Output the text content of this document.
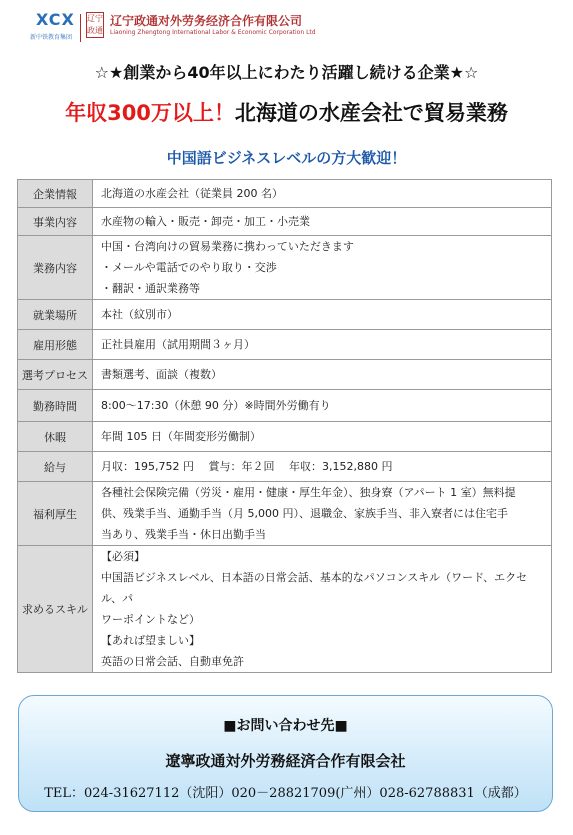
XCX
新中铁教育集团
辽宁政通
辽宁政通对外劳务经济合作有限公司
Liaoning Zhengtong International Labor & Economic Corporation Ltd
☆★創業から40年以上にわたり活躍し続ける企業★☆
年収300万以上！北海道の水産会社で貿易業務
中国語ビジネスレベルの方大歓迎！
企業情報	北海道の水産会社（従業員 200 名）

事業内容	水産物の輸入・販売・卸売・加工・小売業

業務内容	中国・台湾向けの貿易業務に携わっていただきます
・メールや電話でのやり取り・交渉
・翻訳・通訳業務等

就業場所	本社（紋別市）

雇用形態	正社員雇用（試用期間３ヶ月）

選考プロセス	書類選考、面談（複数）

勤務時間	8:00～17:30（休憩 90 分）※時間外労働有り

休暇	年間 105 日（年間変形労働制）

給与	月収：195,752 円　 賞与：年２回　 年収：3,152,880 円

福利厚生	各種社会保険完備（労災・雇用・健康・厚生年金）、独身寮（アパート 1 室）無料提
供、残業手当、通勤手当（月 5,000 円）、退職金、家族手当、非入寮者には住宅手
当あり、残業手当・休日出勤手当

求めるスキル	【必須】
中国語ビジネスレベル、日本語の日常会話、基本的なパソコンスキル（ワード、エクセル、パ
ワーポイントなど）
【あれば望ましい】
英語の日常会話、自動車免許
■お問い合わせ先■
遼寧政通対外労務経済合作有限会社
TEL：024-31627112（沈阳）020－28821709(广州）028-62788831（成都）
